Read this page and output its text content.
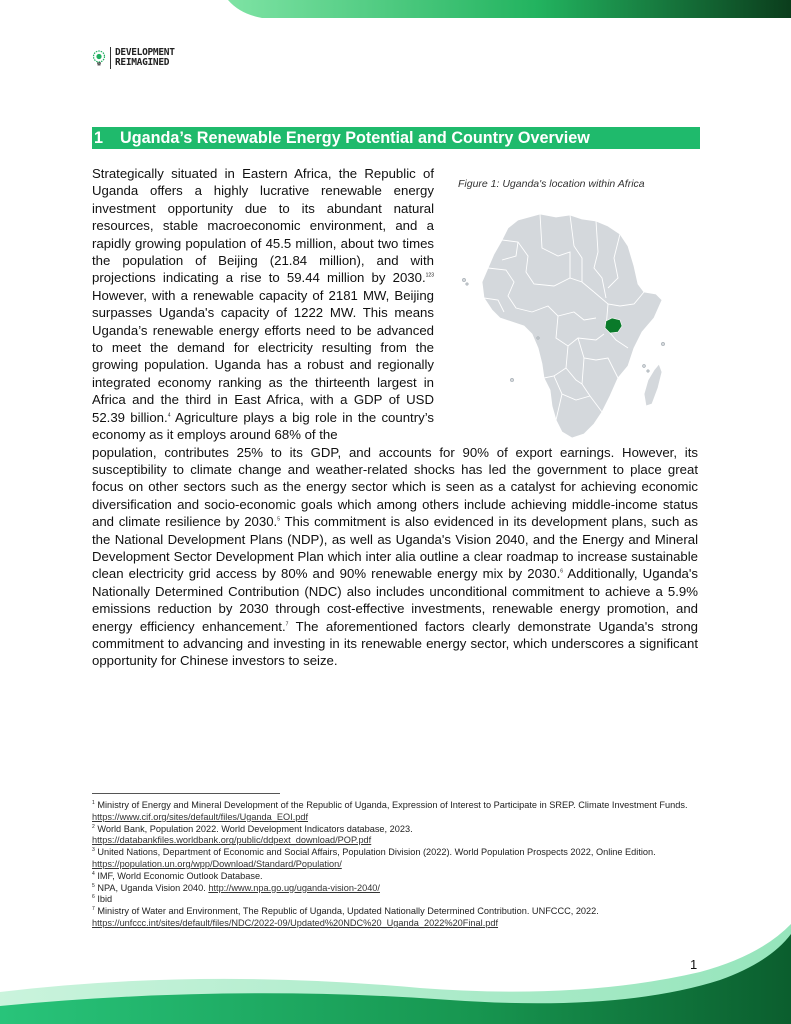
DEVELOPMENT
REIMAGINED
1 Uganda’s Renewable Energy Potential and Country Overview
Figure 1: Uganda's location within Africa

Strategically situated in Eastern Africa, the Republic of Uganda offers a highly lucrative renewable energy investment opportunity due to its abundant natural resources, stable macroeconomic environment, and a rapidly growing population of 45.5 million, about two times the population of Beijing (21.84 million), and with projections indicating a rise to 59.44 million by 2030.$^{123}$ However, with a renewable capacity of 2181 MW, Beijing surpasses Uganda's capacity of 1222 MW. This means Uganda’s renewable energy efforts need to be advanced to meet the demand for electricity resulting from the growing population. Uganda has a robust and regionally integrated economy ranking as the thirteenth largest in Africa and the third in East Africa, with a GDP of USD 52.39 billion.$^4$ Agriculture plays a big role in the country’s economy as it employs around 68% of the

population, contributes 25% to its GDP, and accounts for 90% of export earnings. However, its susceptibility to climate change and weather-related shocks has led the government to place great focus on other sectors such as the energy sector which is seen as a catalyst for achieving economic diversification and socio-economic goals which among others include achieving middle-income status and climate resilience by 2030.$^5$ This commitment is also evidenced in its development plans, such as the National Development Plans (NDP), as well as Uganda's Vision 2040, and the Energy and Mineral Development Sector Development Plan which inter alia outline a clear roadmap to increase sustainable clean electricity grid access by 80% and 90% renewable energy mix by 2030.$^6$ Additionally, Uganda's Nationally Determined Contribution (NDC) also includes unconditional commitment to achieve a 5.9% emissions reduction by 2030 through cost-effective investments, renewable energy promotion, and energy efficiency enhancement.$^7$ The aforementioned factors clearly demonstrate Uganda's strong commitment to advancing and investing in its renewable energy sector, which underscores a significant opportunity for Chinese investors to seize.

$^1$ Ministry of Energy and Mineral Development of the Republic of Uganda, Expression of Interest to Participate in SREP. Climate Investment Funds. https://www.cif.org/sites/default/files/Uganda_EOI.pdf

$^2$ World Bank, Population 2022. World Development Indicators database, 2023.
https://databankfiles.worldbank.org/public/ddpext_download/POP.pdf

$^3$ United Nations, Department of Economic and Social Affairs, Population Division (2022). World Population Prospects 2022, Online Edition. https://population.un.org/wpp/Download/Standard/Population/

$^4$ IMF, World Economic Outlook Database.

$^5$ NPA, Uganda Vision 2040. http://www.npa.go.ug/uganda-vision-2040/

$^6$ Ibid

$^7$ Ministry of Water and Environment, The Republic of Uganda, Updated Nationally Determined Contribution. UNFCCC, 2022.
https://unfccc.int/sites/default/files/NDC/2022-09/Updated%20NDC%20_Uganda_2022%20Final.pdf

1
